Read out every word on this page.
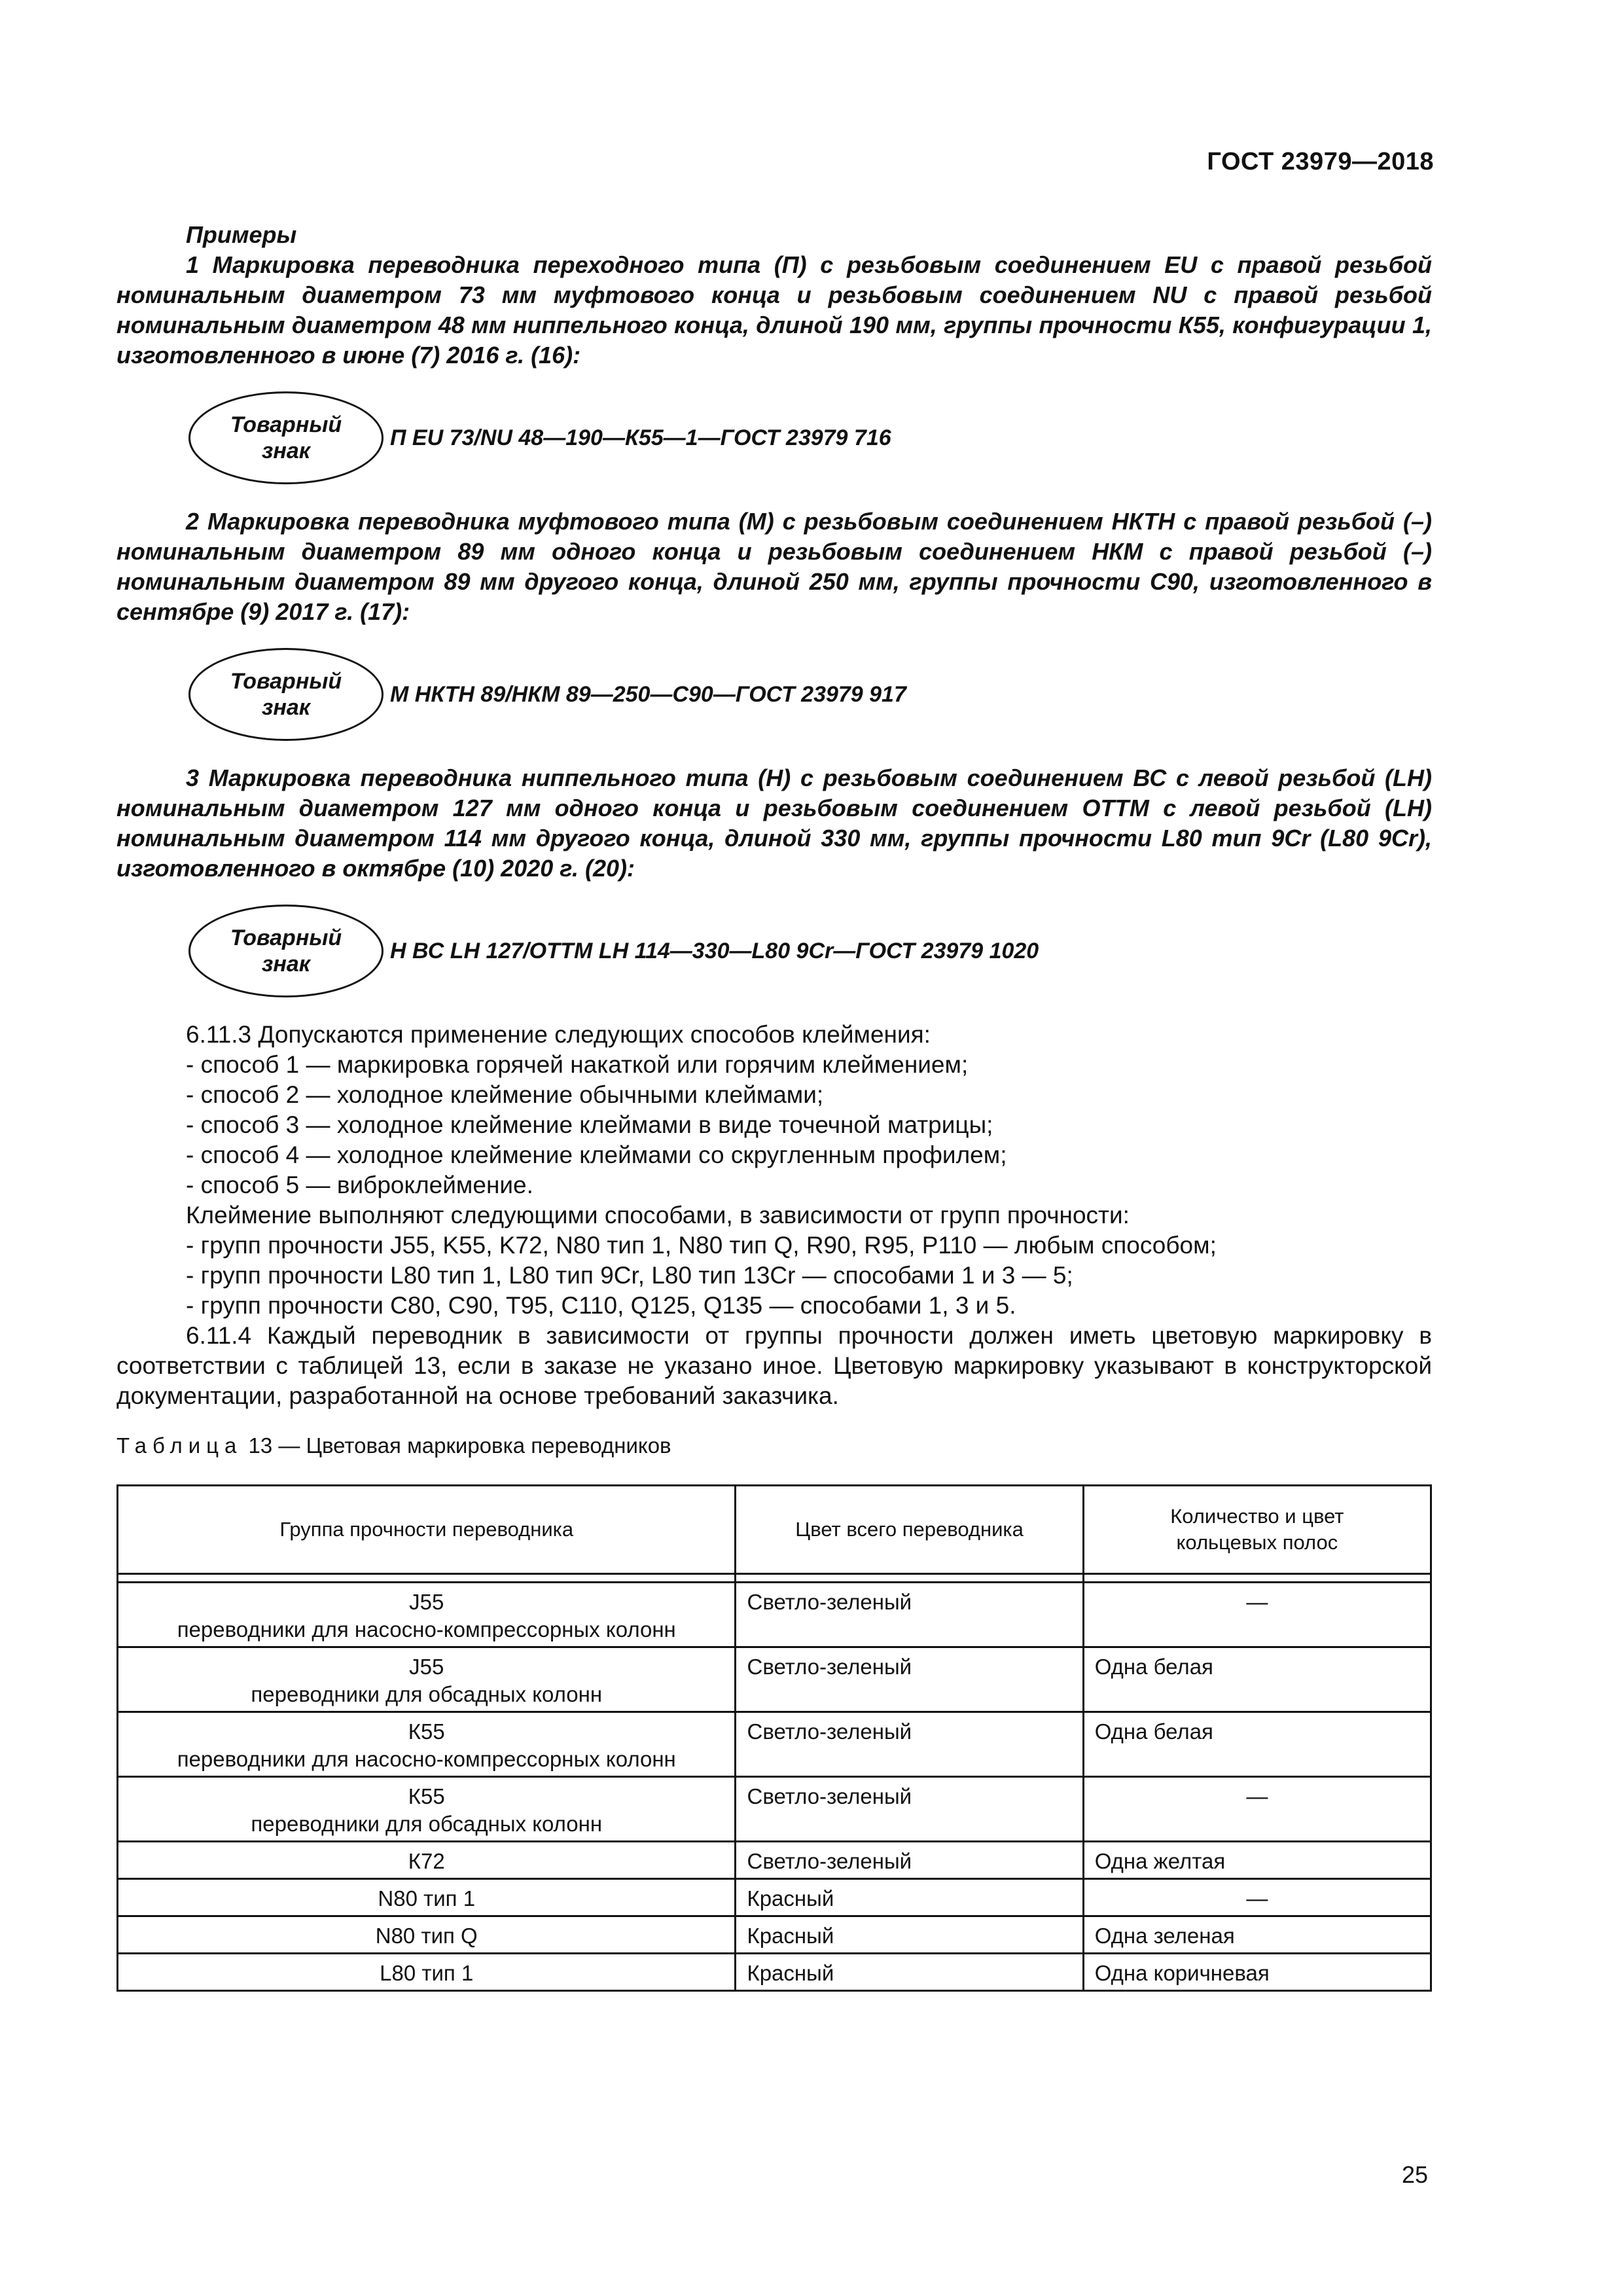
ГОСТ 23979—2018
Примеры
1 Маркировка переводника переходного типа (П) с резьбовым соединением EU с правой резьбой номинальным диаметром 73 мм муфтового конца и резьбовым соединением NU с правой резьбой номинальным диаметром 48 мм ниппельного конца, длиной 190 мм, группы прочности К55, конфигурации 1, изготовленного в июне (7) 2016 г. (16):
Товарный
знак
П EU 73/NU 48—190—К55—1—ГОСТ 23979 716
2 Маркировка переводника муфтового типа (М) с резьбовым соединением НКТН с правой резьбой (–) номинальным диаметром 89 мм одного конца и резьбовым соединением НКМ с правой резьбой (–) номинальным диаметром 89 мм другого конца, длиной 250 мм, группы прочности С90, изготовленного в сентябре (9) 2017 г. (17):
Товарный
знак
М НКТН 89/НКМ 89—250—С90—ГОСТ 23979 917
3 Маркировка переводника ниппельного типа (Н) с резьбовым соединением ВС с левой резьбой (LH) номинальным диаметром 127 мм одного конца и резьбовым соединением ОТТМ с левой резьбой (LH) номинальным диаметром 114 мм другого конца, длиной 330 мм, группы прочности L80 тип 9Cr (L80 9Cr), изготовленного в октябре (10) 2020 г. (20):
Товарный
знак
Н ВС LH 127/ОТТМ LH 114—330—L80 9Cr—ГОСТ 23979 1020
6.11.3 Допускаются применение следующих способов клеймения:
- способ 1 — маркировка горячей накаткой или горячим клеймением;
- способ 2 — холодное клеймение обычными клеймами;
- способ 3 — холодное клеймение клеймами в виде точечной матрицы;
- способ 4 — холодное клеймение клеймами со скругленным профилем;
- способ 5 — виброклеймение.
Клеймение выполняют следующими способами, в зависимости от групп прочности:
- групп прочности J55, K55, K72, N80 тип 1, N80 тип Q, R90, R95, P110 — любым способом;
- групп прочности L80 тип 1, L80 тип 9Cr, L80 тип 13Cr — способами 1 и 3 — 5;
- групп прочности С80, С90, Т95, С110, Q125, Q135 — способами 1, 3 и 5.
6.11.4 Каждый переводник в зависимости от группы прочности должен иметь цветовую маркировку в соответствии с таблицей 13, если в заказе не указано иное. Цветовую маркировку указывают в конструкторской документации, разработанной на основе требований заказчика.
Таблица 13 — Цветовая маркировка переводников
Группа прочности переводника	Цвет всего переводника	Количество и цвет
кольцевых полос

J55
переводники для насосно-компрессорных колонн	Светло-зеленый	—
J55
переводники для обсадных колонн	Светло-зеленый	Одна белая
К55
переводники для насосно-компрессорных колонн	Светло-зеленый	Одна белая
К55
переводники для обсадных колонн	Светло-зеленый	—
К72	Светло-зеленый	Одна желтая
N80 тип 1	Красный	—
N80 тип Q	Красный	Одна зеленая
L80 тип 1	Красный	Одна коричневая
25
